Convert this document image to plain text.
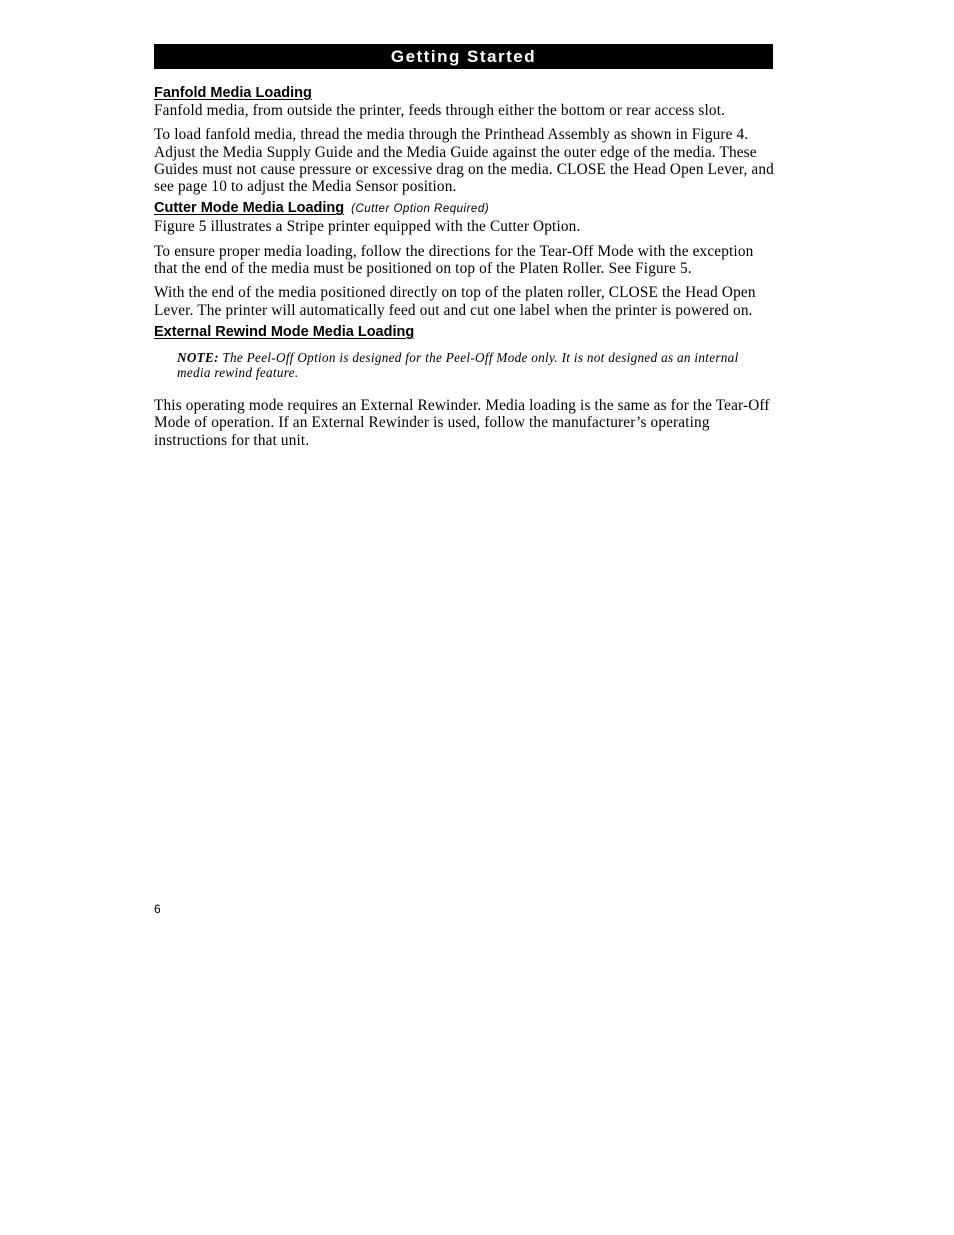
Getting Started
Fanfold Media Loading

Fanfold media, from outside the printer, feeds through either the bottom or rear access slot.

To load fanfold media, thread the media through the Printhead Assembly as shown in Figure 4. Adjust the Media Supply Guide and the Media Guide against the outer edge of the media. These Guides must not cause pressure or excessive drag on the media. CLOSE the Head Open Lever, and see page 10 to adjust the Media Sensor position.

Cutter Mode Media Loading (Cutter Option Required)

Figure 5 illustrates a Stripe printer equipped with the Cutter Option.

To ensure proper media loading, follow the directions for the Tear-Off Mode with the exception that the end of the media must be positioned on top of the Platen Roller. See Figure 5.

With the end of the media positioned directly on top of the platen roller, CLOSE the Head Open Lever. The printer will automatically feed out and cut one label when the printer is powered on.

External Rewind Mode Media Loading
NOTE: The Peel-Off Option is designed for the Peel-Off Mode only. It is not designed as an internal media rewind feature.

This operating mode requires an External Rewinder. Media loading is the same as for the Tear-Off Mode of operation. If an External Rewinder is used, follow the manufacturer’s operating instructions for that unit.

6
